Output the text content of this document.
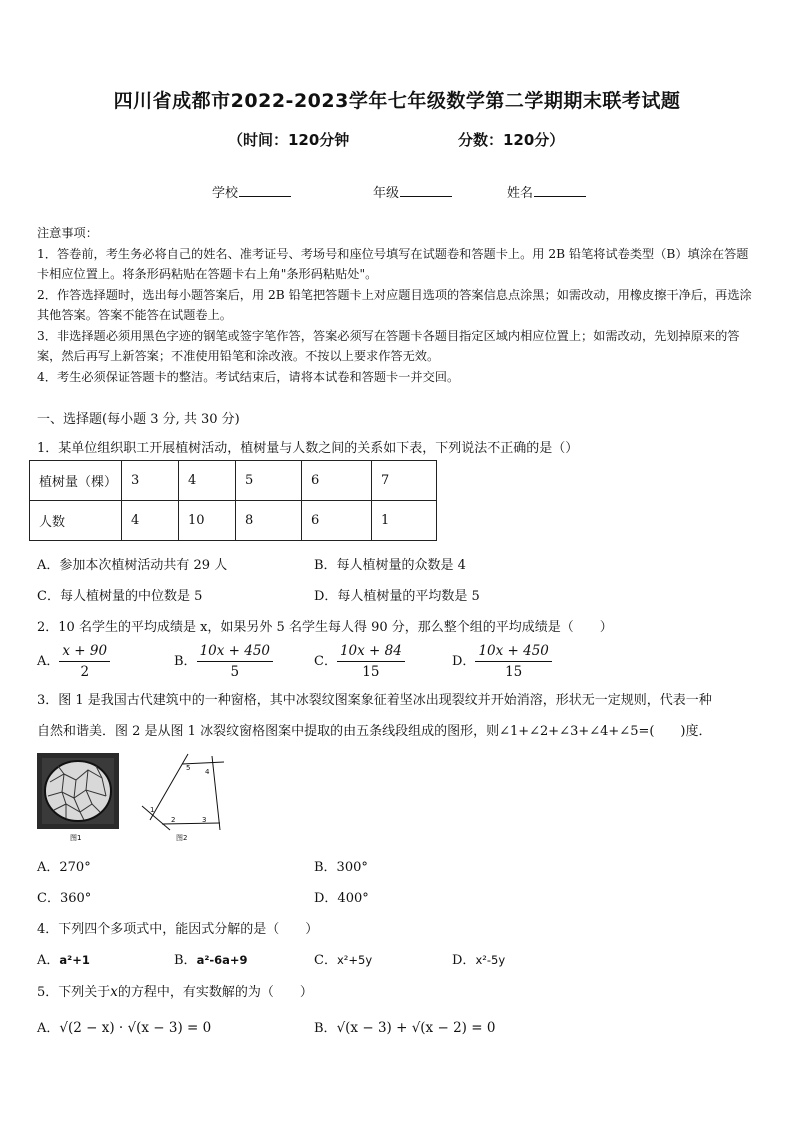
四川省成都市2022-2023学年七年级数学第二学期期末联考试题
（时间：120分钟	分数：120分）
学校	年级	姓名

注意事项：

1．答卷前，考生务必将自己的姓名、准考证号、考场号和座位号填写在试题卷和答题卡上。用 2B 铅笔将试卷类型（B）填涂在答题卡相应位置上。将条形码粘贴在答题卡右上角"条形码粘贴处"。

2．作答选择题时，选出每小题答案后，用 2B 铅笔把答题卡上对应题目选项的答案信息点涂黑；如需改动，用橡皮擦干净后，再选涂其他答案。答案不能答在试题卷上。

3．非选择题必须用黑色字迹的钢笔或签字笔作答，答案必须写在答题卡各题目指定区域内相应位置上；如需改动，先划掉原来的答案，然后再写上新答案；不准使用铅笔和涂改液。不按以上要求作答无效。

4．考生必须保证答题卡的整洁。考试结束后，请将本试卷和答题卡一并交回。

一、选择题(每小题 3 分, 共 30 分)
1．某单位组织职工开展植树活动，植树量与人数之间的关系如下表，下列说法不正确的是（）
植树量（棵）	3	4	5	6	7
人数	4	10	8	6	1
A．参加本次植树活动共有 29 人	B．每人植树量的众数是 4
C．每人植树量的中位数是 5	D．每人植树量的平均数是 5
2．10 名学生的平均成绩是 x，如果另外 5 名学生每人得 90 分，那么整个组的平均成绩是（　　）
A． $\frac{x + 90}{2}$	B． $\frac{10x + 450}{5}$	C． $\frac{10x + 84}{15}$	D． $\frac{10x + 450}{15}$
3．图 1 是我国古代建筑中的一种窗格，其中冰裂纹图案象征着坚冰出现裂纹并开始消溶，形状无一定规则，代表一种
自然和谐美．图 2 是从图 1 冰裂纹窗格图案中提取的由五条线段组成的图形，则∠1+∠2+∠3+∠4+∠5=(　　)度．
图1
1
2	3
4
5
图2
A．270°	B．300°
C．360°	D．400°
4．下列四个多项式中，能因式分解的是（　　）
A．a²+1	B．a²-6a+9	C．x²+5y	D．x²-5y
5．下列关于x的方程中，有实数解的为（　　）
A．√(2 − x) · √(x − 3) = 0	B．√(x − 3) + √(x − 2) = 0
